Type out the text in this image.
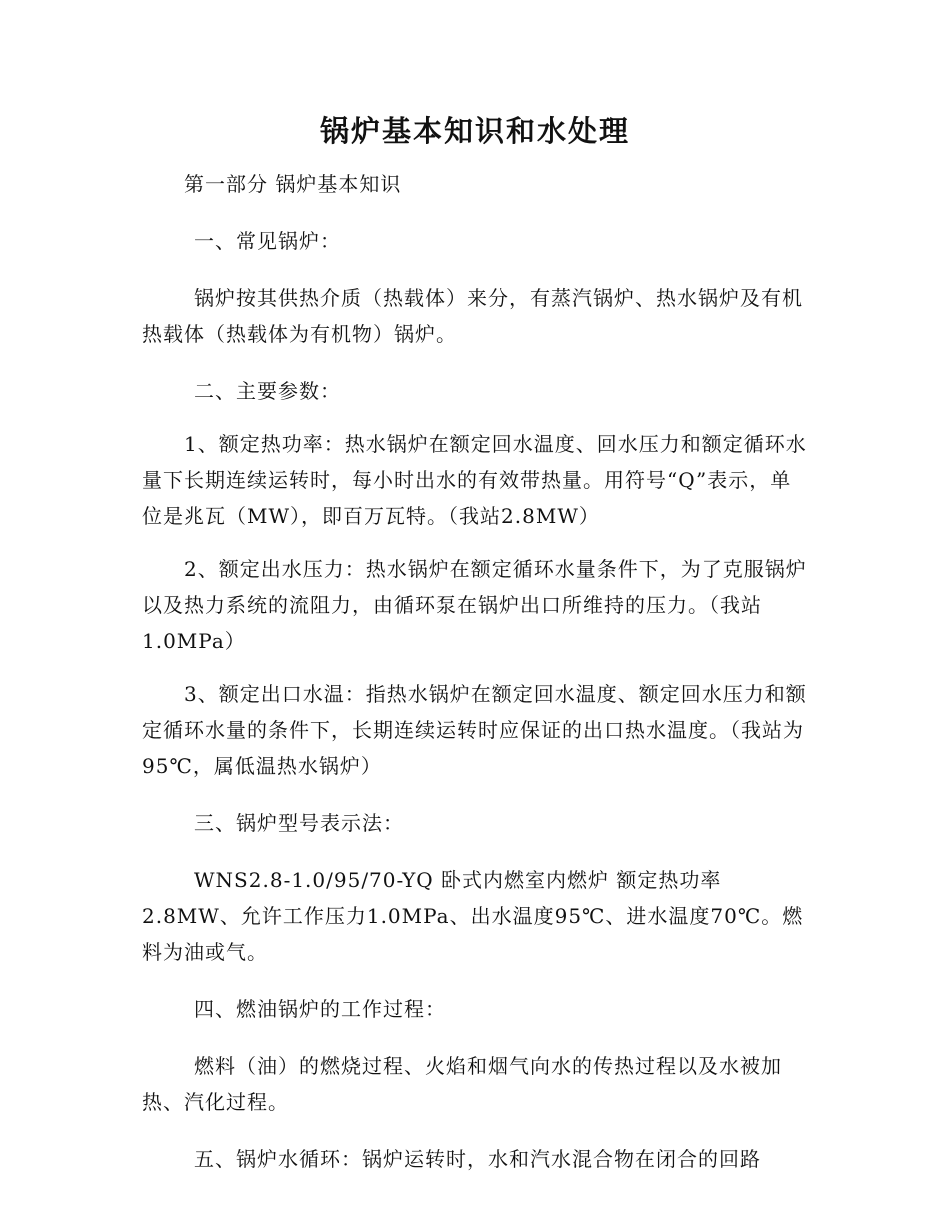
锅炉基本知识和水处理

第一部分 锅炉基本知识

一、常见锅炉：

锅炉按其供热介质（热载体）来分，有蒸汽锅炉、热水锅炉及有机热载体（热载体为有机物）锅炉。

二、主要参数：

1、额定热功率：热水锅炉在额定回水温度、回水压力和额定循环水量下长期连续运转时，每小时出水的有效带热量。用符号“Q”表示，单位是兆瓦（MW），即百万瓦特。（我站2.8MW）

2、额定出水压力：热水锅炉在额定循环水量条件下，为了克服锅炉以及热力系统的流阻力，由循环泵在锅炉出口所维持的压力。（我站1.0MPa）

3、额定出口水温：指热水锅炉在额定回水温度、额定回水压力和额定循环水量的条件下，长期连续运转时应保证的出口热水温度。（我站为95℃，属低温热水锅炉）

三、锅炉型号表示法：

WNS2.8-1.0/95/70-YQ 卧式内燃室内燃炉 额定热功率2.8MW、允许工作压力1.0MPa、出水温度95℃、进水温度70℃。燃料为油或气。

四、燃油锅炉的工作过程：

燃料（油）的燃烧过程、火焰和烟气向水的传热过程以及水被加热、汽化过程。

五、锅炉水循环：锅炉运转时，水和汽水混合物在闭合的回路
